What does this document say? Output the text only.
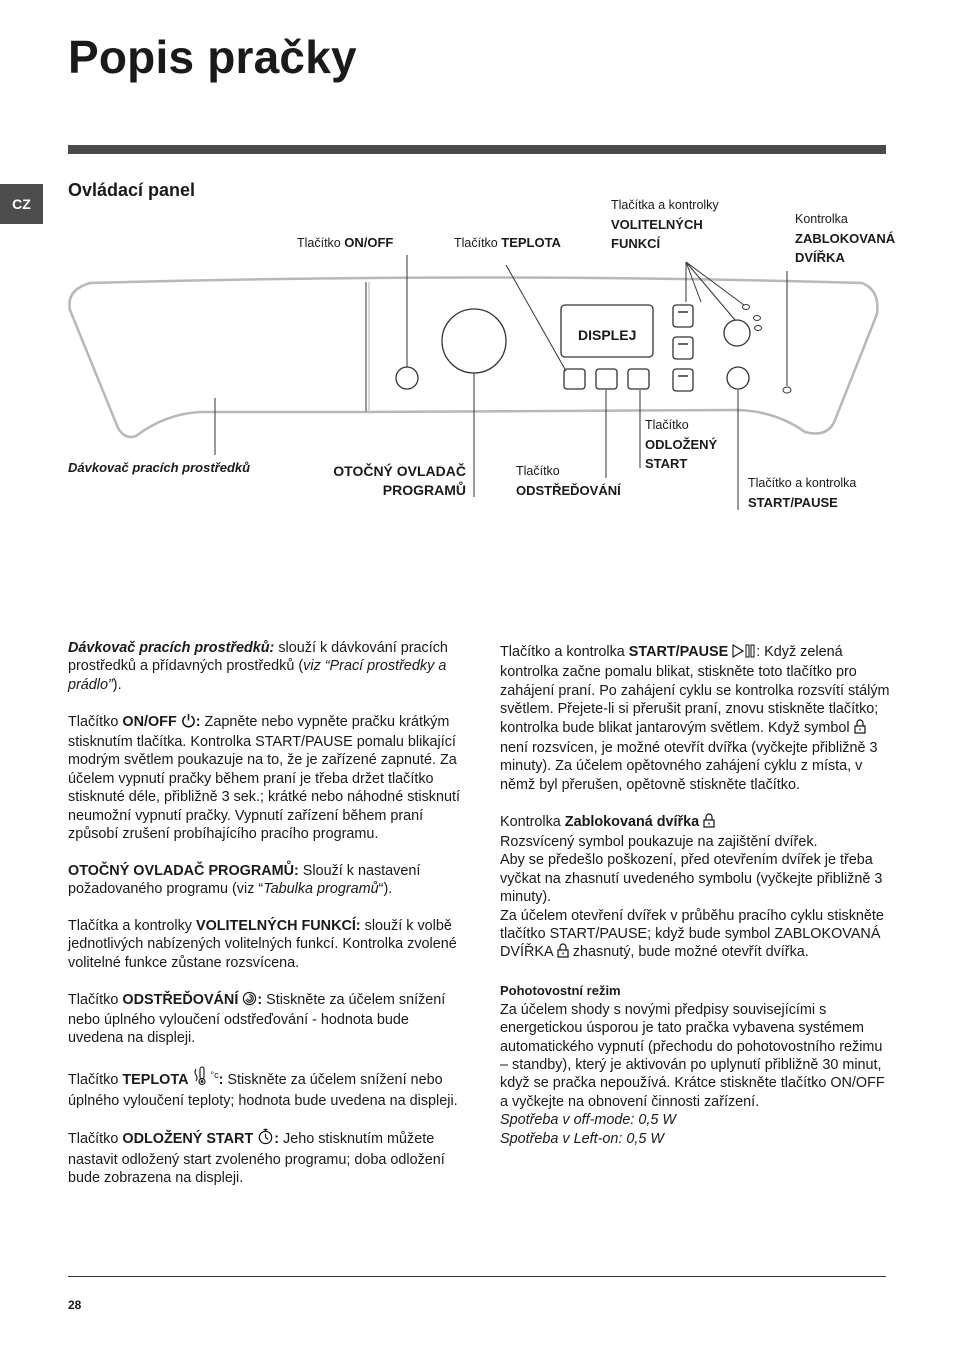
Popis pračky
CZ
Ovládací panel
DISPLEJ
Tlačítko ON/OFF	Tlačítko TEPLOTA
Tlačítka a kontrolky
VOLITELNÝCH
FUNKCÍ
Kontrolka
ZABLOKOVANÁ
DVÍŘKA
Dávkovač pracích prostředků	OTOČNÝ OVLADAČ
PROGRAMŮ
Tlačítko
ODSTŘEĎOVÁNÍ
Tlačítko
ODLOŽENÝ
START
Tlačítko a kontrolka
START/PAUSE

Dávkovač pracích prostředků: slouží k dávkování pracích prostředků a přídavných prostředků (viz “Prací prostředky a prádlo”).

Tlačítko ON/OFF : Zapněte nebo vypněte pračku krátkým stisknutím tlačítka. Kontrolka START/PAUSE pomalu blikající modrým světlem poukazuje na to, že je zařízené zapnuté. Za účelem vypnutí pračky během praní je třeba držet tlačítko stisknuté déle, přibližně 3 sek.; krátké nebo náhodné stisknutí neumožní vypnutí pračky. Vypnutí zařízení během praní způsobí zrušení probíhajícího pracího programu.

OTOČNÝ OVLADAČ PROGRAMŮ: Slouží k nastavení požadovaného programu (viz “Tabulka programů“).

Tlačítka a kontrolky VOLITELNÝCH FUNKCÍ: slouží k volbě jednotlivých nabízených volitelných funkcí. Kontrolka zvolené volitelné funkce zůstane rozsvícena.

Tlačítko ODSTŘEĎOVÁNÍ : Stiskněte za účelem snížení nebo úplného vyloučení odstřeďování - hodnota bude uvedena na displeji.

Tlačítko TEPLOTA $^{^\circ c}$: Stiskněte za účelem snížení nebo úplného vyloučení teploty; hodnota bude uvedena na displeji.

Tlačítko ODLOŽENÝ START : Jeho stisknutím můžete nastavit odložený start zvoleného programu; doba odložení bude zobrazena na displeji.

Tlačítko a kontrolka START/PAUSE : Když zelená kontrolka začne pomalu blikat, stiskněte toto tlačítko pro zahájení praní. Po zahájení cyklu se kontrolka rozsvítí stálým světlem. Přejete-li si přerušit praní, znovu stiskněte tlačítko; kontrolka bude blikat jantarovým světlem. Když symbol  není rozsvícen, je možné otevřít dvířka (vyčkejte přibližně 3 minuty). Za účelem opětovného zahájení cyklu z místa, v němž byl přerušen, opětovně stiskněte tlačítko.

Kontrolka Zablokovaná dvířka
Rozsvícený symbol poukazuje na zajištění dvířek.
Aby se předešlo poškození, před otevřením dvířek je třeba vyčkat na zhasnutí uvedeného symbolu (vyčkejte přibližně 3 minuty).
Za účelem otevření dvířek v průběhu pracího cyklu stiskněte tlačítko START/PAUSE; když bude symbol ZABLOKOVANÁ DVÍŘKA  zhasnutý, bude možné otevřít dvířka.

Pohotovostní režim
Za účelem shody s novými předpisy souvisejícími s energetickou úsporou je tato pračka vybavena systémem automatického vypnutí (přechodu do pohotovostního režimu – standby), který je aktivován po uplynutí přibližně 30 minut, když se pračka nepoužívá. Krátce stiskněte tlačítko ON/OFF a vyčkejte na obnovení činnosti zařízení.
Spotřeba v off-mode: 0,5 W
Spotřeba v Left-on: 0,5 W

28
